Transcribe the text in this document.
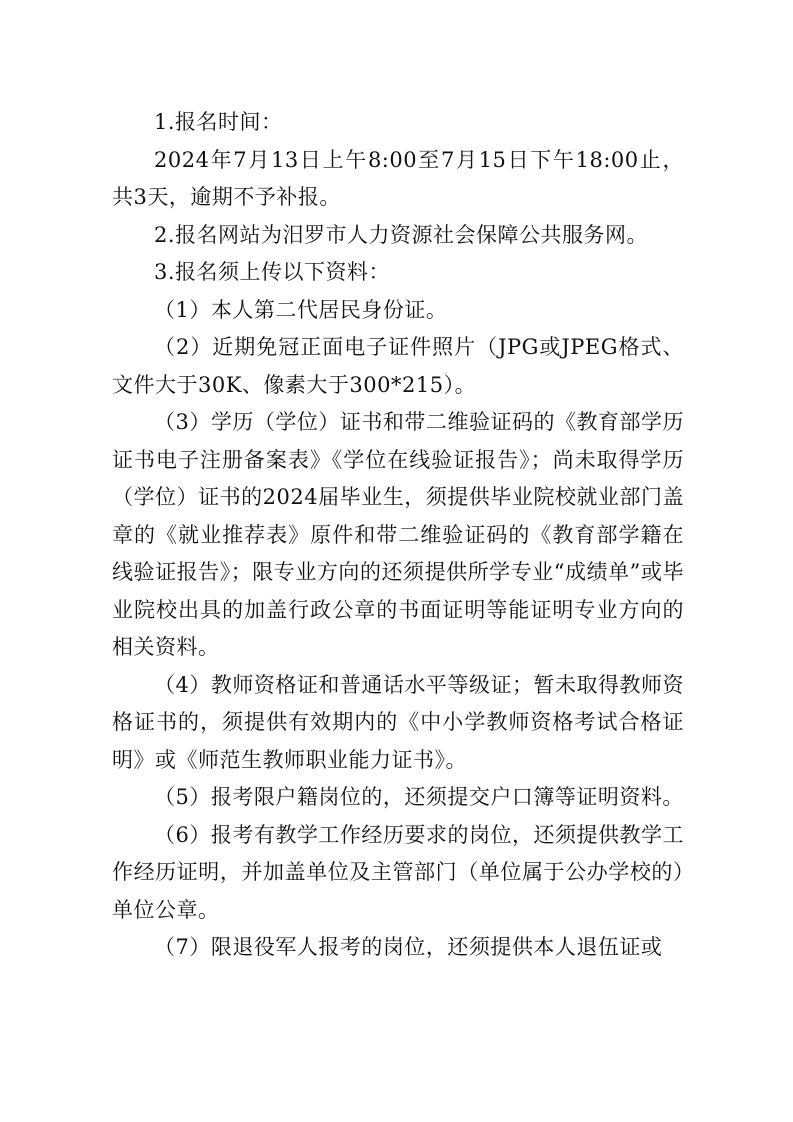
1.报名时间：

2024年7月13日上午8:00至7月15日下午18:00止，共3天，逾期不予补报。

2.报名网站为汨罗市人力资源社会保障公共服务网。

3.报名须上传以下资料：

（1）本人第二代居民身份证。

（2）近期免冠正面电子证件照片（JPG或JPEG格式、文件大于30K、像素大于300*215）。

（3）学历（学位）证书和带二维验证码的《教育部学历证书电子注册备案表》《学位在线验证报告》；尚未取得学历（学位）证书的2024届毕业生，须提供毕业院校就业部门盖章的《就业推荐表》原件和带二维验证码的《教育部学籍在线验证报告》；限专业方向的还须提供所学专业“成绩单”或毕业院校出具的加盖行政公章的书面证明等能证明专业方向的相关资料。

（4）教师资格证和普通话水平等级证；暂未取得教师资格证书的，须提供有效期内的《中小学教师资格考试合格证明》或《师范生教师职业能力证书》。

（5）报考限户籍岗位的，还须提交户口簿等证明资料。

（6）报考有教学工作经历要求的岗位，还须提供教学工作经历证明，并加盖单位及主管部门（单位属于公办学校的）单位公章。

（7）限退役军人报考的岗位，还须提供本人退伍证或
